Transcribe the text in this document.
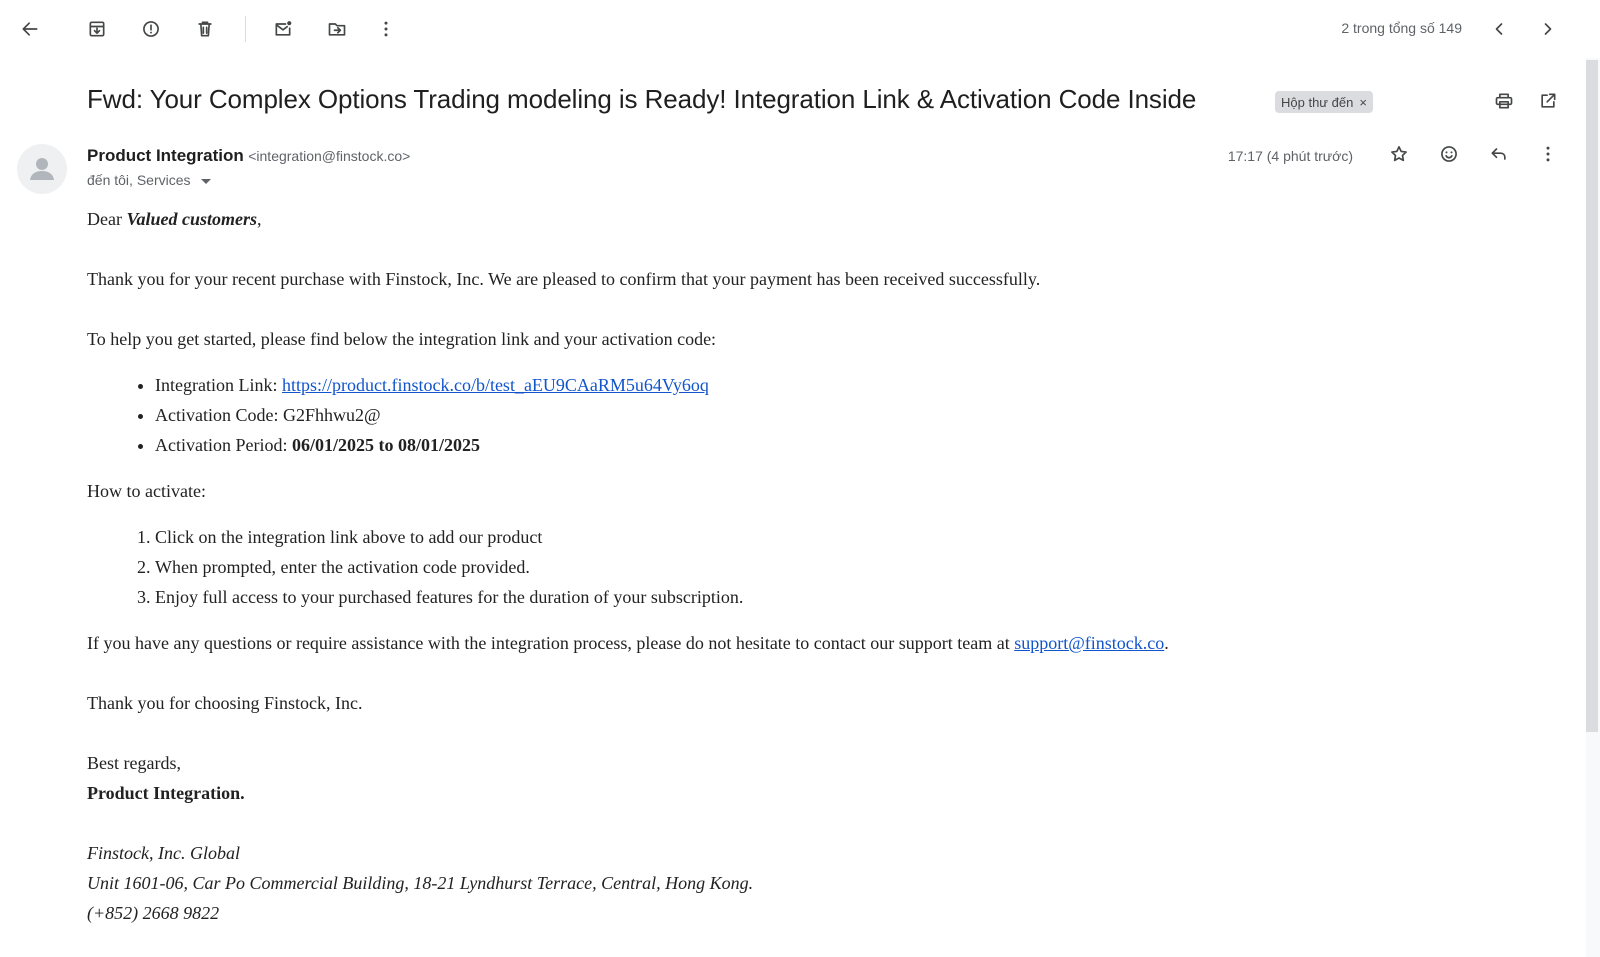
2 trong tổng số 149
Fwd: Your Complex Options Trading modeling is Ready! Integration Link & Activation Code Inside	Hộp thư đến ×
Product Integration <integration@finstock.co>
đến tôi, Services
17:17 (4 phút trước)

Dear Valued customers,

Thank you for your recent purchase with Finstock, Inc. We are pleased to confirm that your payment has been received successfully.

To help you get started, please find below the integration link and your activation code:

• Integration Link: https://product.finstock.co/b/test_aEU9CAaRM5u64Vy6oq
• Activation Code: G2Fhhwu2@
• Activation Period: 06/01/2025 to 08/01/2025

How to activate:

1. Click on the integration link above to add our product
2. When prompted, enter the activation code provided.
3. Enjoy full access to your purchased features for the duration of your subscription.

If you have any questions or require assistance with the integration process, please do not hesitate to contact our support team at support@finstock.co.

Thank you for choosing Finstock, Inc.

Best regards,

Product Integration.

Finstock, Inc. Global

Unit 1601-06, Car Po Commercial Building, 18-21 Lyndhurst Terrace, Central, Hong Kong.

(+852) 2668 9822
